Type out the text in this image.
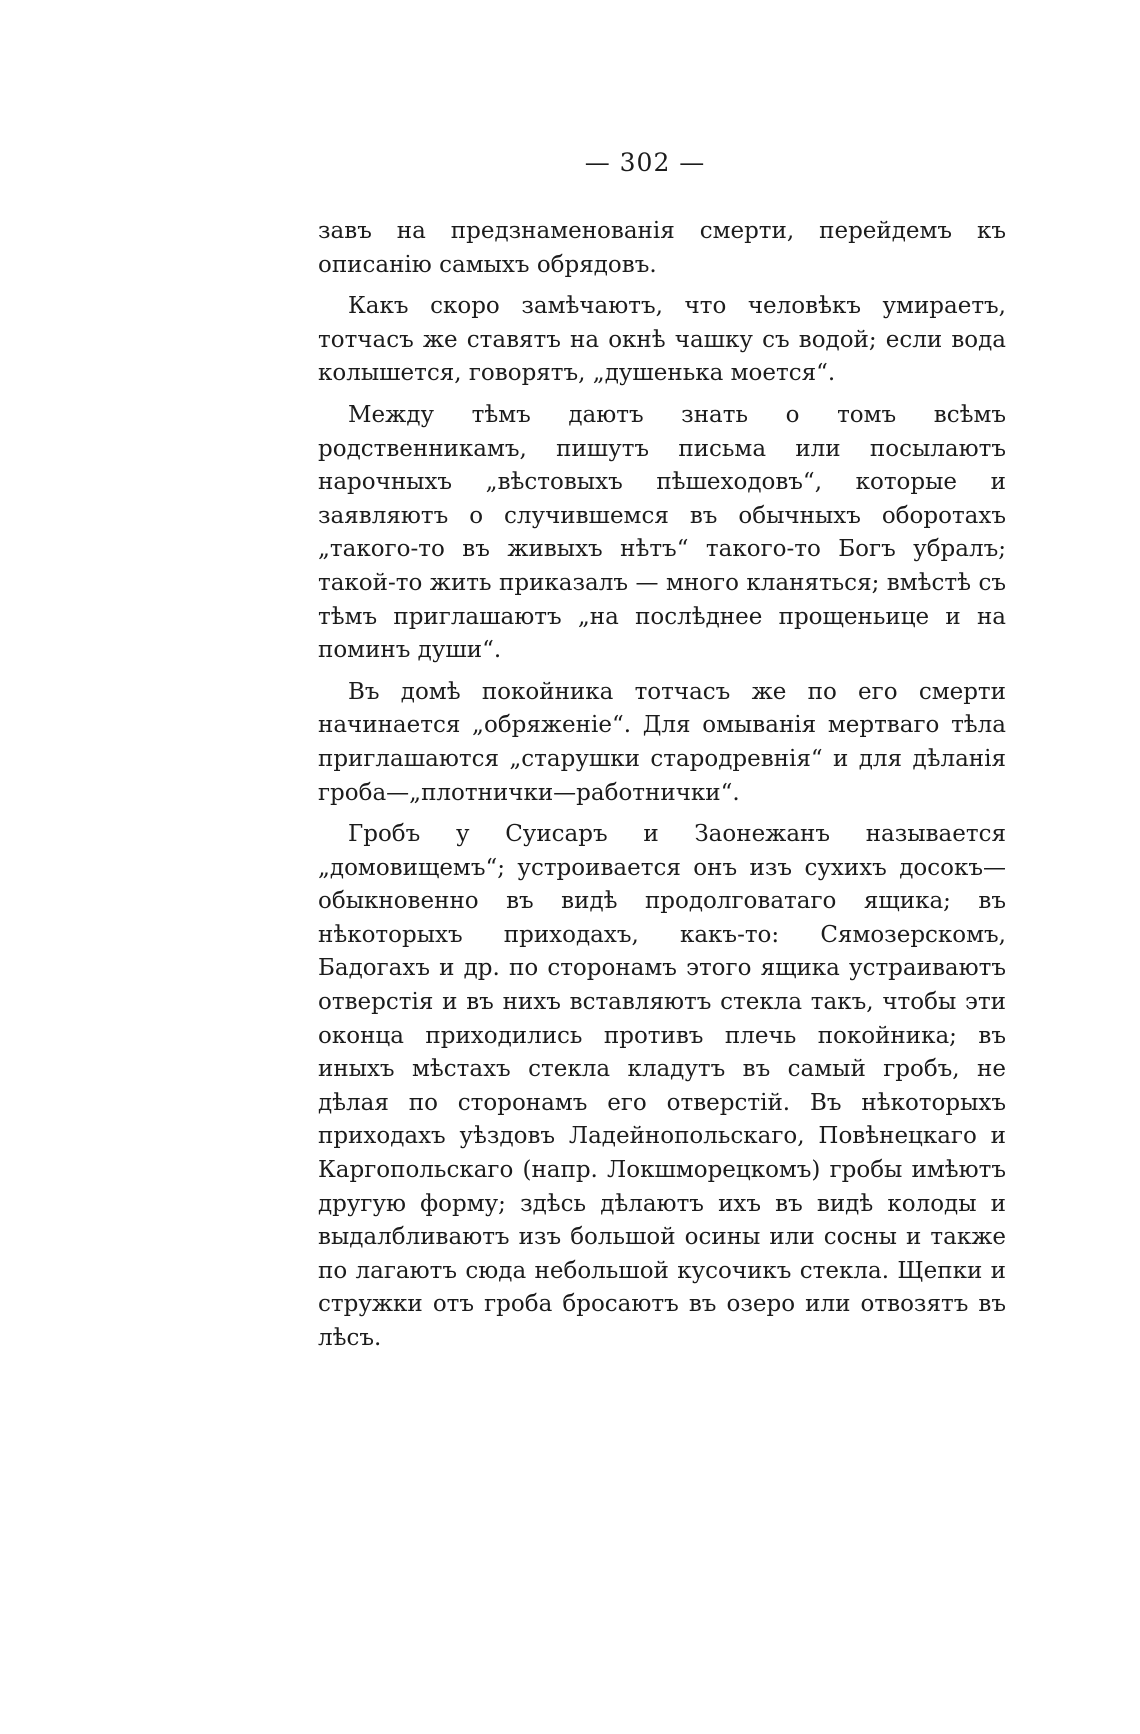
— 302 —

завъ на предзнаменованія смерти, перейдемъ къ описанію самыхъ обрядовъ.

Какъ скоро замѣчаютъ, что человѣкъ умираетъ, тотчасъ же ставятъ на окнѣ чашку съ водой; если вода колышется, говорятъ, „душенька моется“.

Между тѣмъ даютъ знать о томъ всѣмъ родственникамъ, пишутъ письма или посылаютъ нарочныхъ „вѣстовыхъ пѣшеходовъ“, которые и заявляютъ о случившемся въ обычныхъ оборотахъ „такого-то въ живыхъ нѣтъ“ такого-то Богъ убралъ; такой-то жить приказалъ — много кланяться; вмѣстѣ съ тѣмъ приглашаютъ „на послѣднее прощеньице и на поминъ души“.

Въ домѣ покойника тотчасъ же по его смерти начинается „обряженіе“. Для омыванія мертваго тѣла приглашаются „старушки стародревнія“ и для дѣланія гроба—„плотнички—работнички“.

Гробъ у Суисаръ и Заонежанъ называется „домовищемъ“; устроивается онъ изъ сухихъ досокъ—обыкновенно въ видѣ продолговатаго ящика; въ нѣкоторыхъ приходахъ, какъ-то: Сямозерскомъ, Бадогахъ и др. по сторонамъ этого ящика устраиваютъ отверстія и въ нихъ вставляютъ стекла такъ, чтобы эти оконца приходились противъ плечь покойника; въ иныхъ мѣстахъ стекла кладутъ въ самый гробъ, не дѣлая по сторонамъ его отверстій. Въ нѣкоторыхъ приходахъ уѣздовъ Ладейнопольскаго, Повѣнецкаго и Каргопольскаго (напр. Локшморецкомъ) гробы имѣютъ другую форму; здѣсь дѣлаютъ ихъ въ видѣ колоды и выдалбливаютъ изъ большой осины или сосны и также по лагаютъ сюда небольшой кусочикъ стекла. Щепки и стружки отъ гроба бросаютъ въ озеро или отвозятъ въ лѣсъ.
